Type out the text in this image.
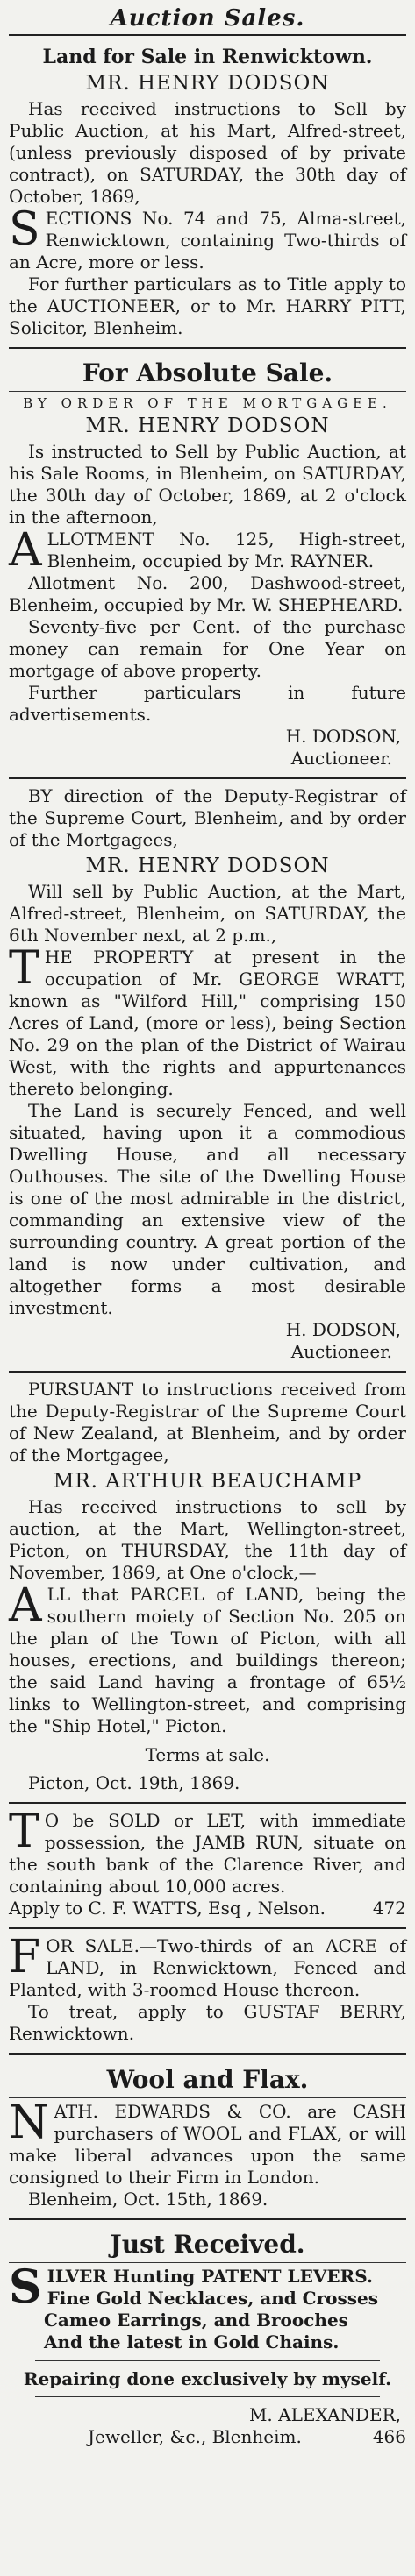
Auction Sales.
Land for Sale in Renwicktown.
MR. HENRY DODSON

Has received instructions to Sell by Public Auction, at his Mart, Alfred-street, (unless previously disposed of by private contract), on SATURDAY, the 30th day of October, 1869,

SECTIONS No. 74 and 75, Alma-street, Renwicktown, containing Two-thirds of an Acre, more or less.

For further particulars as to Title apply to the AUCTIONEER, or to Mr. HARRY PITT, Solicitor, Blenheim.

For Absolute Sale.
BY ORDER OF THE MORTGAGEE.
MR. HENRY DODSON

Is instructed to Sell by Public Auction, at his Sale Rooms, in Blenheim, on SATURDAY, the 30th day of October, 1869, at 2 o'clock in the afternoon,

ALLOTMENT No. 125, High-street, Blenheim, occupied by Mr. RAYNER.

Allotment No. 200, Dashwood-street, Blenheim, occupied by Mr. W. SHEPHEARD.

Seventy-five per Cent. of the purchase money can remain for One Year on mortgage of above property.

Further particulars in future advertisements.

H. DODSON,
Auctioneer.

BY direction of the Deputy-Registrar of the Supreme Court, Blenheim, and by order of the Mortgagees,

MR. HENRY DODSON

Will sell by Public Auction, at the Mart, Alfred-street, Blenheim, on SATURDAY, the 6th November next, at 2 p.m.,

THE PROPERTY at present in the occupation of Mr. GEORGE WRATT, known as "Wilford Hill," comprising 150 Acres of Land, (more or less), being Section No. 29 on the plan of the District of Wairau West, with the rights and appurtenances thereto belonging.

The Land is securely Fenced, and well situated, having upon it a commodious Dwelling House, and all necessary Outhouses. The site of the Dwelling House is one of the most admirable in the district, commanding an extensive view of the surrounding country. A great portion of the land is now under cultivation, and altogether forms a most desirable investment.

H. DODSON,
Auctioneer.

PURSUANT to instructions received from the Deputy-Registrar of the Supreme Court of New Zealand, at Blenheim, and by order of the Mortgagee,

MR. ARTHUR BEAUCHAMP

Has received instructions to sell by auction, at the Mart, Wellington-street, Picton, on THURSDAY, the 11th day of November, 1869, at One o'clock,—

ALL that PARCEL of LAND, being the southern moiety of Section No. 205 on the plan of the Town of Picton, with all houses, erections, and buildings thereon; the said Land having a frontage of 65½ links to Wellington-street, and comprising the "Ship Hotel," Picton.

Terms at sale.

Picton, Oct. 19th, 1869.

TO be SOLD or LET, with immediate possession, the JAMB RUN, situate on the south bank of the Clarence River, and containing about 10,000 acres.

Apply to C. F. WATTS, Esq , Nelson.	472

FOR SALE.—Two-thirds of an ACRE of LAND, in Renwicktown, Fenced and Planted, with 3-roomed House thereon.

To treat, apply to GUSTAF BERRY, Renwicktown.

Wool and Flax.

NATH. EDWARDS & CO. are CASH purchasers of WOOL and FLAX, or will make liberal advances upon the same consigned to their Firm in London.

Blenheim, Oct. 15th, 1869.

Just Received.

SILVER Hunting PATENT LEVERS.

Fine Gold Necklaces, and Crosses

Cameo Earrings, and Brooches

And the latest in Gold Chains.

Repairing done exclusively by myself.
M. ALEXANDER,
Jeweller, &c., Blenheim.	466
